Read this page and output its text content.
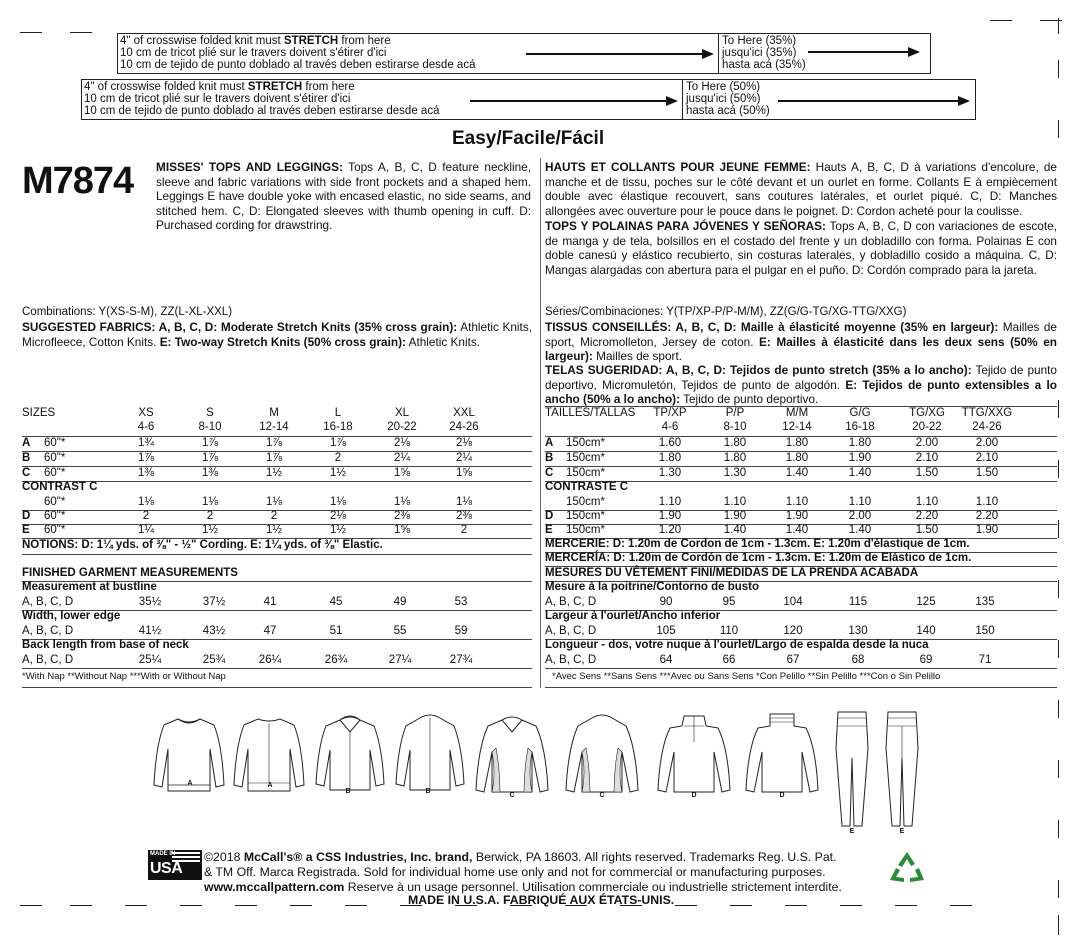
4" of crosswise folded knit must STRETCH from here
10 cm de tricot plié sur le travers doivent s'étirer d'ici
10 cm de tejido de punto doblado al través deben estirarse desde acá
To Here (35%)
jusqu'ici (35%)
hasta acá (35%)
4" of crosswise folded knit must STRETCH from here
10 cm de tricot plié sur le travers doivent s'étirer d'ici
10 cm de tejido de punto doblado al través deben estirarse desde acá
To Here (50%)
jusqu'ici (50%)
hasta acá (50%)
Easy/Facile/Fácil
M7874 MISSES' TOPS AND LEGGINGS: Tops A, B, C, D feature neckline, sleeve and fabric variations with side front pockets and a shaped hem. Leggings E have double yoke with encased elastic, no side seams, and stitched hem. C, D: Elongated sleeves with thumb opening in cuff. D: Purchased cording for drawstring.
HAUTS ET COLLANTS POUR JEUNE FEMME: Hauts A, B, C, D à variations d'encolure, de manche et de tissu, poches sur le côté devant et un ourlet en forme. Collants E à empiècement double avec élastique recouvert, sans coutures latérales, et ourlet piqué. C, D: Manches allongées avec ouverture pour le pouce dans le poignet. D: Cordon acheté pour la coulisse.
TOPS Y POLAINAS PARA JÓVENES Y SEÑORAS: Tops A, B, C, D con variaciones de escote, de manga y de tela, bolsillos en el costado del frente y un dobladillo con forma. Polainas E con doble canesú y elástico recubierto, sin costuras laterales, y dobladillo cosido a máquina. C, D: Mangas alargadas con abertura para el pulgar en el puño. D: Cordón comprado para la jareta.
Combinations: Y(XS-S-M), ZZ(L-XL-XXL)
SUGGESTED FABRICS: A, B, C, D: Moderate Stretch Knits (35% cross grain): Athletic Knits, Microfleece, Cotton Knits. E: Two-way Stretch Knits (50% cross grain): Athletic Knits.
Séries/Combinaciones: Y(TP/XP-P/P-M/M), ZZ(G/G-TG/XG-TTG/XXG)
TISSUS CONSEILLÉS: A, B, C, D: Maille à élasticité moyenne (35% en largeur): Mailles de sport, Micromolleton, Jersey de coton. E: Mailles à élasticité dans les deux sens (50% en largeur): Mailles de sport.
TELAS SUGERIDAD: A, B, C, D: Tejidos de punto stretch (35% a lo ancho): Tejido de punto deportivo, Micromuletón, Tejidos de punto de algodón. E: Tejidos de punto extensibles a lo ancho (50% a lo ancho): Tejido de punto deportivo.
SIZES	XS	S	M	L	XL	XXL
4-6	8-10	12-14	16-18	20-22	24-26
A 60"*	1¾	1⅞	1⅞	1⅞	2⅛	2⅛
B 60"*	1⅞	1⅞	1⅞	2	2¼	2¼
C 60"*	1⅜	1⅜	1½	1½	1⅝	1⅝
CONTRAST C
60"*	1⅛	1⅛	1⅛	1⅛	1⅛	1⅛
D 60"*	2	2	2	2⅛	2⅜	2⅜
E 60"*	1¼	1½	1½	1½	1⅝	2
NOTIONS: D: 1¼ yds. of ⅜" - ½" Cording. E: 1¼ yds. of ⅜" Elastic.
TAILLES/TALLAS	TP/XP	P/P	M/M	G/G	TG/XG	TTG/XXG
4-6	8-10	12-14	16-18	20-22	24-26
A 150cm*	1.60	1.80	1.80	1.80	2.00	2.00
B 150cm*	1.80	1.80	1.80	1.90	2.10	2.10
C 150cm*	1.30	1.30	1.40	1.40	1.50	1.50
CONTRASTE C
150cm*	1.10	1.10	1.10	1.10	1.10	1.10
D 150cm*	1.90	1.90	1.90	2.00	2.20	2.20
E 150cm*	1.20	1.40	1.40	1.40	1.50	1.90
MERCERIE: D: 1.20m de Cordon de 1cm - 1.3cm. E: 1.20m d'élastique de 1cm.
MERCERÍA: D: 1.20m de Cordón de 1cm - 1.3cm. E: 1.20m de Elástico de 1cm.
FINISHED GARMENT MEASUREMENTS
Measurement at bustline
A, B, C, D	35½	37½	41	45	49	53
Width, lower edge
A, B, C, D	41½	43½	47	51	55	59
Back length from base of neck
A, B, C, D	25¼	25¾	26¼	26¾	27¼	27¾
*With Nap **Without Nap ***With or Without Nap
MESURES DU VÊTEMENT FINI/MEDIDAS DE LA PRENDA ACABADA
Mesure à la poitrine/Contorno de busto
A, B, C, D	90	95	104	115	125	135
Largeur à l'ourlet/Ancho inferior
A, B, C, D	105	110	120	130	140	150
Longueur - dos, votre nuque à l'ourlet/Largo de espalda desde la nuca
A, B, C, D	64	66	67	68	69	71
*Avec Sens **Sans Sens ***Avec ou Sans Sens *Con Pelillo **Sin Pelillo ***Con o Sin Pelillo
A	A
B	B
C	C	D	D
E	E
MADE IN
USA
©2018 McCall's® a CSS Industries, Inc. brand, Berwick, PA 18603. All rights reserved. Trademarks Reg. U.S. Pat.
& TM Off. Marca Registrada. Sold for individual home use only and not for commercial or manufacturing purposes.
www.mccallpattern.com Reserve à un usage personnel. Utilisation commerciale ou industrielle strictement interdite.
MADE IN U.S.A. FABRIQUÉ AUX ÉTATS-UNIS.
